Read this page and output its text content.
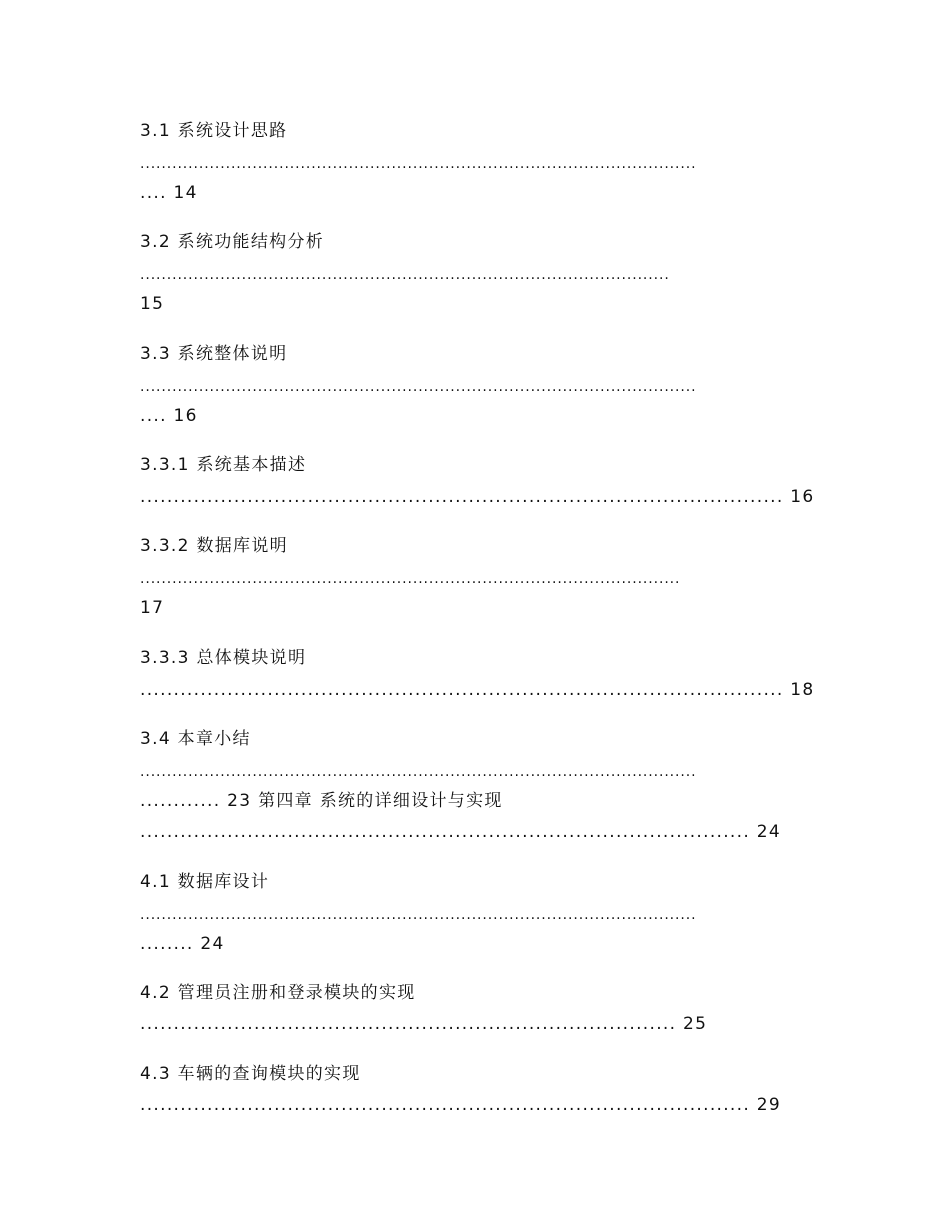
3.1 系统设计思路
........................................................................................................
.... 14
3.2 系统功能结构分析
...................................................................................................
15
3.3 系统整体说明
........................................................................................................
.... 16
3.3.1 系统基本描述
................................................................................................ 16
3.3.2 数据库说明
.....................................................................................................
17
3.3.3 总体模块说明
................................................................................................ 18
3.4 本章小结
........................................................................................................
............ 23 第四章 系统的详细设计与实现
........................................................................................... 24
4.1 数据库设计
........................................................................................................
........ 24
4.2 管理员注册和登录模块的实现
................................................................................ 25
4.3 车辆的查询模块的实现
........................................................................................... 29
